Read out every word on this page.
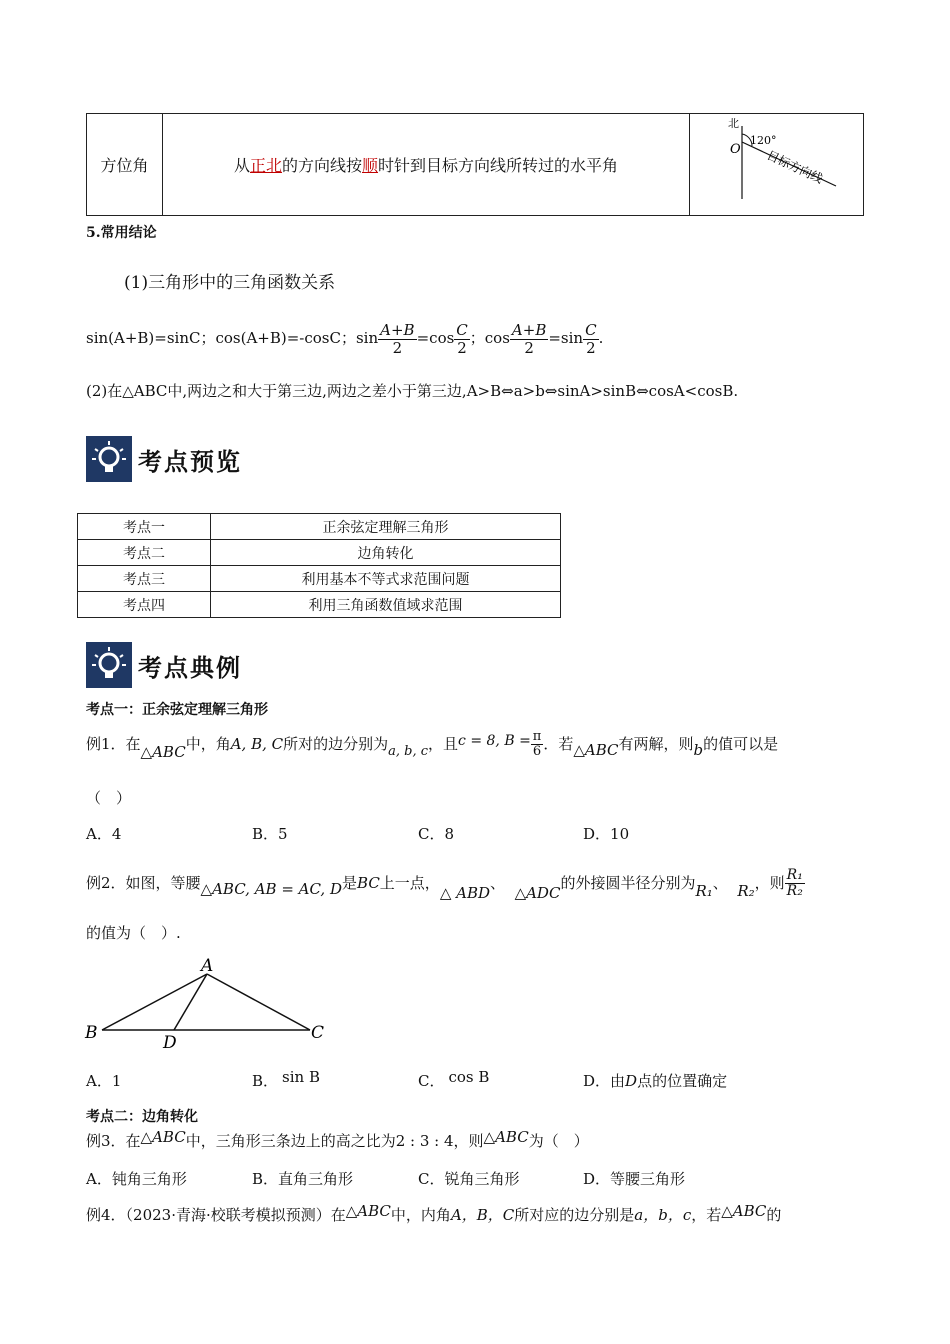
方位角	从正北的方向线按顺时针到目标方向线所转过的水平角	
北
120°
O 目标方向线
5.常用结论
(1)三角形中的三角函数关系
sin(A+B)=sinC；cos(A+B)=-cosC；$\sin \frac{A+B}{2} =\cos \frac{C}{2}$ ；$\cos \frac{A+B}{2} =\sin \frac{C}{2}$ .
(2)在△ABC中,两边之和大于第三边,两边之差小于第三边,A>B⇔a>b⇔sinA>sinB⇔cosA<cosB.
考点预览
考点一	正余弦定理解三角形
考点二	边角转化
考点三	利用基本不等式求范围问题
考点四	利用三角函数值域求范围
考点典例
考点一：正余弦定理解三角形
例1．在△ABC中，角A, B, C所对的边分别为a, b, c，且c = 8, $B = \frac{\pi}{6}$ ．若△ABC有两解，则b的值可以是
（　）
A．4	B．5	C．8	D．10
例2．如图，等腰△ABC, AB = AC, D是BC上一点，△ ABD、  △ADC的外接圆半径分别为R₁、 R₂，则 $\frac{\text{R₁}}{\text{R₂}}$
的值为（　）.
A
B	C
D
A．1	B． sin B	C． cos B	D．由D点的位置确定
考点二：边角转化
例3．在△ABC中，三角形三条边上的高之比为2 : 3 : 4，则△ABC为（　）
A．钝角三角形	B．直角三角形	C．锐角三角形	D．等腰三角形
例4．（2023·青海·校联考模拟预测）在△ABC中，内角A，B，C所对应的边分别是a，b，c，若△ABC的
